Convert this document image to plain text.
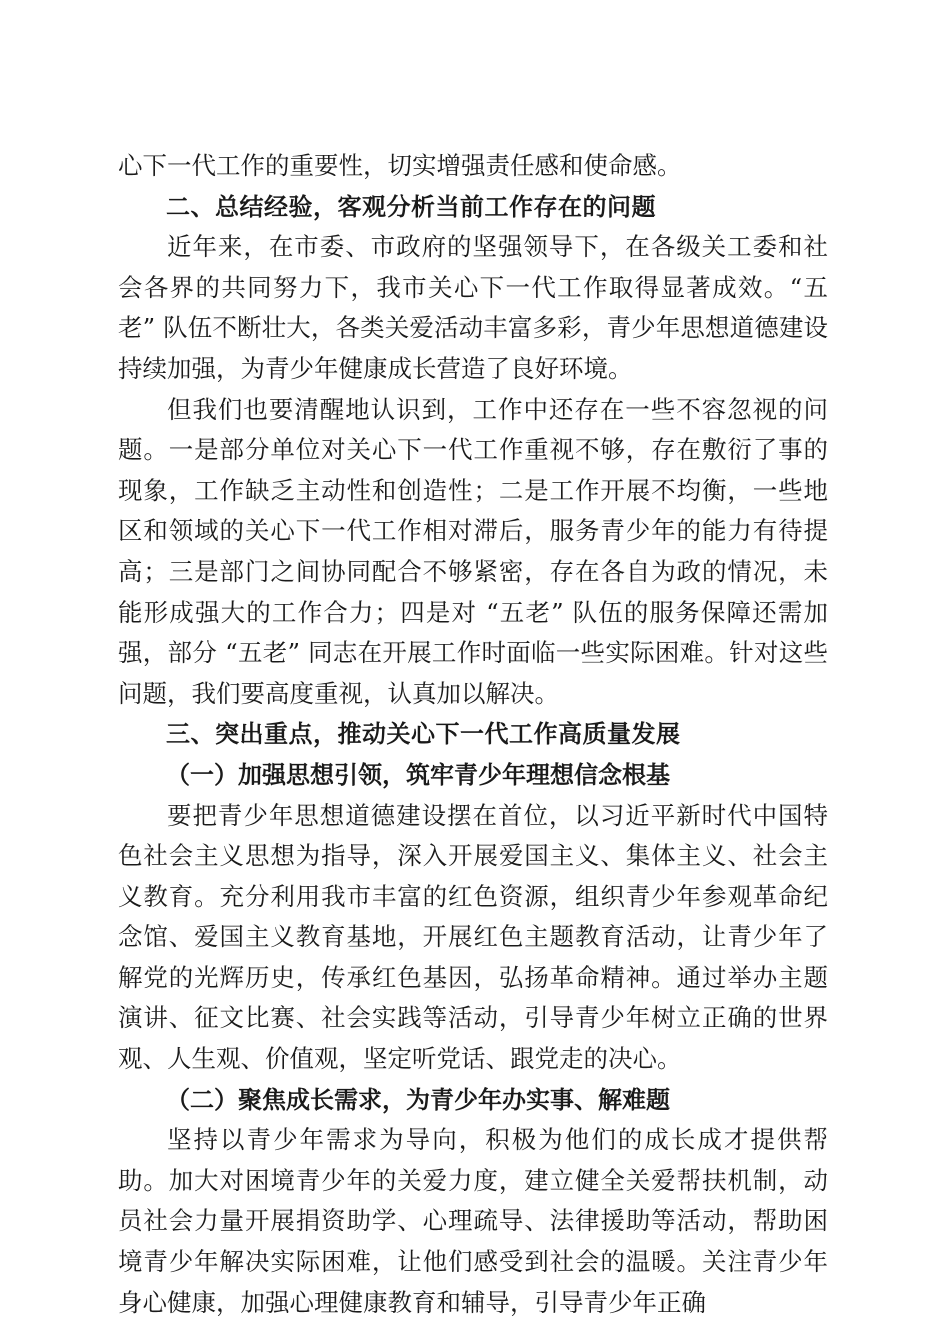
心下一代工作的重要性，切实增强责任感和使命感。

二、总结经验，客观分析当前工作存在的问题

近年来，在市委、市政府的坚强领导下，在各级关工委和社会各界的共同努力下，我市关心下一代工作取得显著成效。“五老” 队伍不断壮大，各类关爱活动丰富多彩，青少年思想道德建设持续加强，为青少年健康成长营造了良好环境。

但我们也要清醒地认识到，工作中还存在一些不容忽视的问题。一是部分单位对关心下一代工作重视不够，存在敷衍了事的现象，工作缺乏主动性和创造性；二是工作开展不均衡，一些地区和领域的关心下一代工作相对滞后，服务青少年的能力有待提高；三是部门之间协同配合不够紧密，存在各自为政的情况，未能形成强大的工作合力；四是对 “五老” 队伍的服务保障还需加强，部分 “五老” 同志在开展工作时面临一些实际困难。针对这些问题，我们要高度重视，认真加以解决。

三、突出重点，推动关心下一代工作高质量发展

（一）加强思想引领，筑牢青少年理想信念根基

要把青少年思想道德建设摆在首位，以习近平新时代中国特色社会主义思想为指导，深入开展爱国主义、集体主义、社会主义教育。充分利用我市丰富的红色资源，组织青少年参观革命纪念馆、爱国主义教育基地，开展红色主题教育活动，让青少年了解党的光辉历史，传承红色基因，弘扬革命精神。通过举办主题演讲、征文比赛、社会实践等活动，引导青少年树立正确的世界观、人生观、价值观，坚定听党话、跟党走的决心。

（二）聚焦成长需求，为青少年办实事、解难题

坚持以青少年需求为导向，积极为他们的成长成才提供帮助。加大对困境青少年的关爱力度，建立健全关爱帮扶机制，动员社会力量开展捐资助学、心理疏导、法律援助等活动，帮助困境青少年解决实际困难，让他们感受到社会的温暖。关注青少年身心健康，加强心理健康教育和辅导，引导青少年正确
